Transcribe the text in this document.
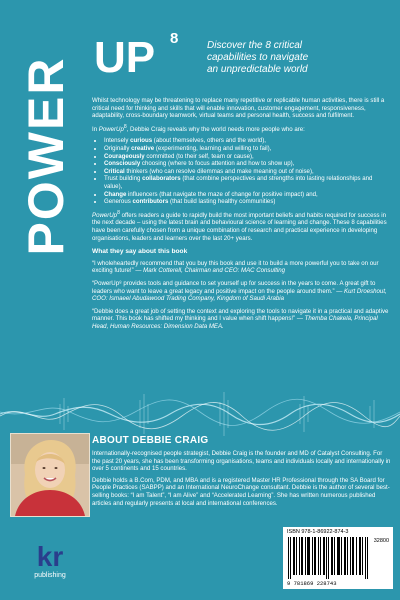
POWER UP 8	Discover the 8 critical
capabilities to navigate
an unpredictable world

Whilst technology may be threatening to replace many repetitive or replicable human activities, there is still a critical need for thinking and skills that will enable innovation, customer engagement, responsiveness, adaptability, cross-boundary teamwork, virtual teams and personal health, success and fulfilment.

In PowerUp$^8$, Debbie Craig reveals why the world needs more people who are:

• Intensely curious (about themselves, others and the world),
• Originally creative (experimenting, learning and willing to fail),
• Courageously committed (to their self, team or cause),
• Consciously choosing (where to focus attention and how to show up),
• Critical thinkers (who can resolve dilemmas and make meaning out of noise),
• Trust building collaborators (that combine perspectives and strengths into lasting relationships and value),
• Change influencers (that navigate the maze of change for positive impact) and,
• Generous contributors (that build lasting healthy communities)

PowerUp$^8$ offers readers a guide to rapidly build the most important beliefs and habits required for success in the next decade – using the latest brain and behavioural science of learning and change. These 8 capabilities have been carefully chosen from a unique combination of research and practical experience in developing organisations, leaders and learners over the last 20+ years.

What they say about this book

“I wholeheartedly recommend that you buy this book and use it to build a more powerful you to take on our exciting future!” — Mark Cotterell, Chairman and CEO: MAC Consulting

“PowerUp⁸ provides tools and guidance to set yourself up for success in the years to come. A great gift to leaders who want to leave a great legacy and positive impact on the people around them.” — Kurt Droeshout, COO: Ismaeel Abudawood Trading Company, Kingdom of Saudi Arabia

“Debbie does a great job of setting the context and exploring the tools to navigate it in a practical and adaptive manner. This book has shifted my thinking and I value when shift happens!” — Themba Chakela, Principal Head, Human Resources: Dimension Data MEA.

ABOUT DEBBIE CRAIG

Internationally-recognised people strategist, Debbie Craig is the founder and MD of Catalyst Consulting. For the past 20 years, she has been transforming organisations, teams and individuals locally and internationally in over 5 continents and 15 countries.

Debbie holds a B.Com, PDM, and MBA and is a registered Master HR Professional through the SA Board for People Practices (SABPP) and an International NeuroChange consultant. Debbie is the author of several best-selling books: “I am Talent”, “I am Alive” and “Accelerated Learning”. She has written numerous published articles and regularly presents at local and international conferences.

kr
publishing
ISBN 978-1-86922-874-3
32800
9 781869 228743
